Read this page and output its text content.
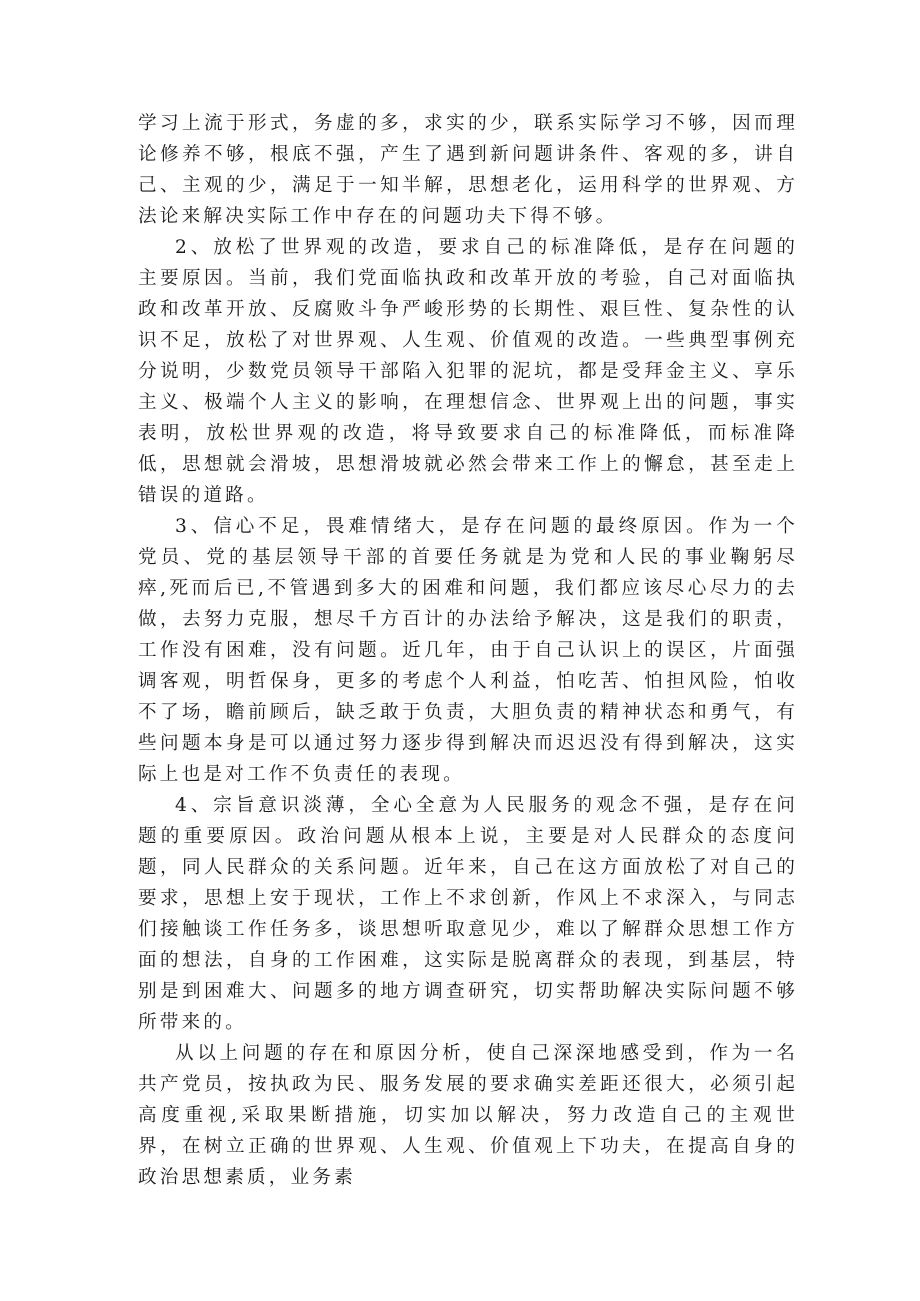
学习上流于形式，务虚的多，求实的少，联系实际学习不够，因而理论修养不够，根底不强，产生了遇到新问题讲条件、客观的多，讲自己、主观的少，满足于一知半解，思想老化，运用科学的世界观、方法论来解决实际工作中存在的问题功夫下得不够。

2、放松了世界观的改造，要求自己的标准降低，是存在问题的主要原因。当前，我们党面临执政和改革开放的考验，自己对面临执政和改革开放、反腐败斗争严峻形势的长期性、艰巨性、复杂性的认识不足，放松了对世界观、人生观、价值观的改造。一些典型事例充分说明，少数党员领导干部陷入犯罪的泥坑，都是受拜金主义、享乐主义、极端个人主义的影响，在理想信念、世界观上出的问题，事实表明，放松世界观的改造，将导致要求自己的标准降低，而标准降低，思想就会滑坡，思想滑坡就必然会带来工作上的懈怠，甚至走上错误的道路。

3、信心不足，畏难情绪大，是存在问题的最终原因。作为一个党员、党的基层领导干部的首要任务就是为党和人民的事业鞠躬尽瘁,死而后已,不管遇到多大的困难和问题，我们都应该尽心尽力的去做，去努力克服，想尽千方百计的办法给予解决，这是我们的职责，工作没有困难，没有问题。近几年，由于自己认识上的误区，片面强调客观，明哲保身，更多的考虑个人利益，怕吃苦、怕担风险，怕收不了场，瞻前顾后，缺乏敢于负责，大胆负责的精神状态和勇气，有些问题本身是可以通过努力逐步得到解决而迟迟没有得到解决，这实际上也是对工作不负责任的表现。

4、宗旨意识淡薄，全心全意为人民服务的观念不强，是存在问题的重要原因。政治问题从根本上说，主要是对人民群众的态度问题，同人民群众的关系问题。近年来，自己在这方面放松了对自己的要求，思想上安于现状，工作上不求创新，作风上不求深入，与同志们接触谈工作任务多，谈思想听取意见少，难以了解群众思想工作方面的想法，自身的工作困难，这实际是脱离群众的表现，到基层，特别是到困难大、问题多的地方调查研究，切实帮助解决实际问题不够所带来的。

从以上问题的存在和原因分析，使自己深深地感受到，作为一名共产党员，按执政为民、服务发展的要求确实差距还很大，必须引起高度重视,采取果断措施，切实加以解决，努力改造自己的主观世界，在树立正确的世界观、人生观、价值观上下功夫，在提高自身的政治思想素质，业务素
